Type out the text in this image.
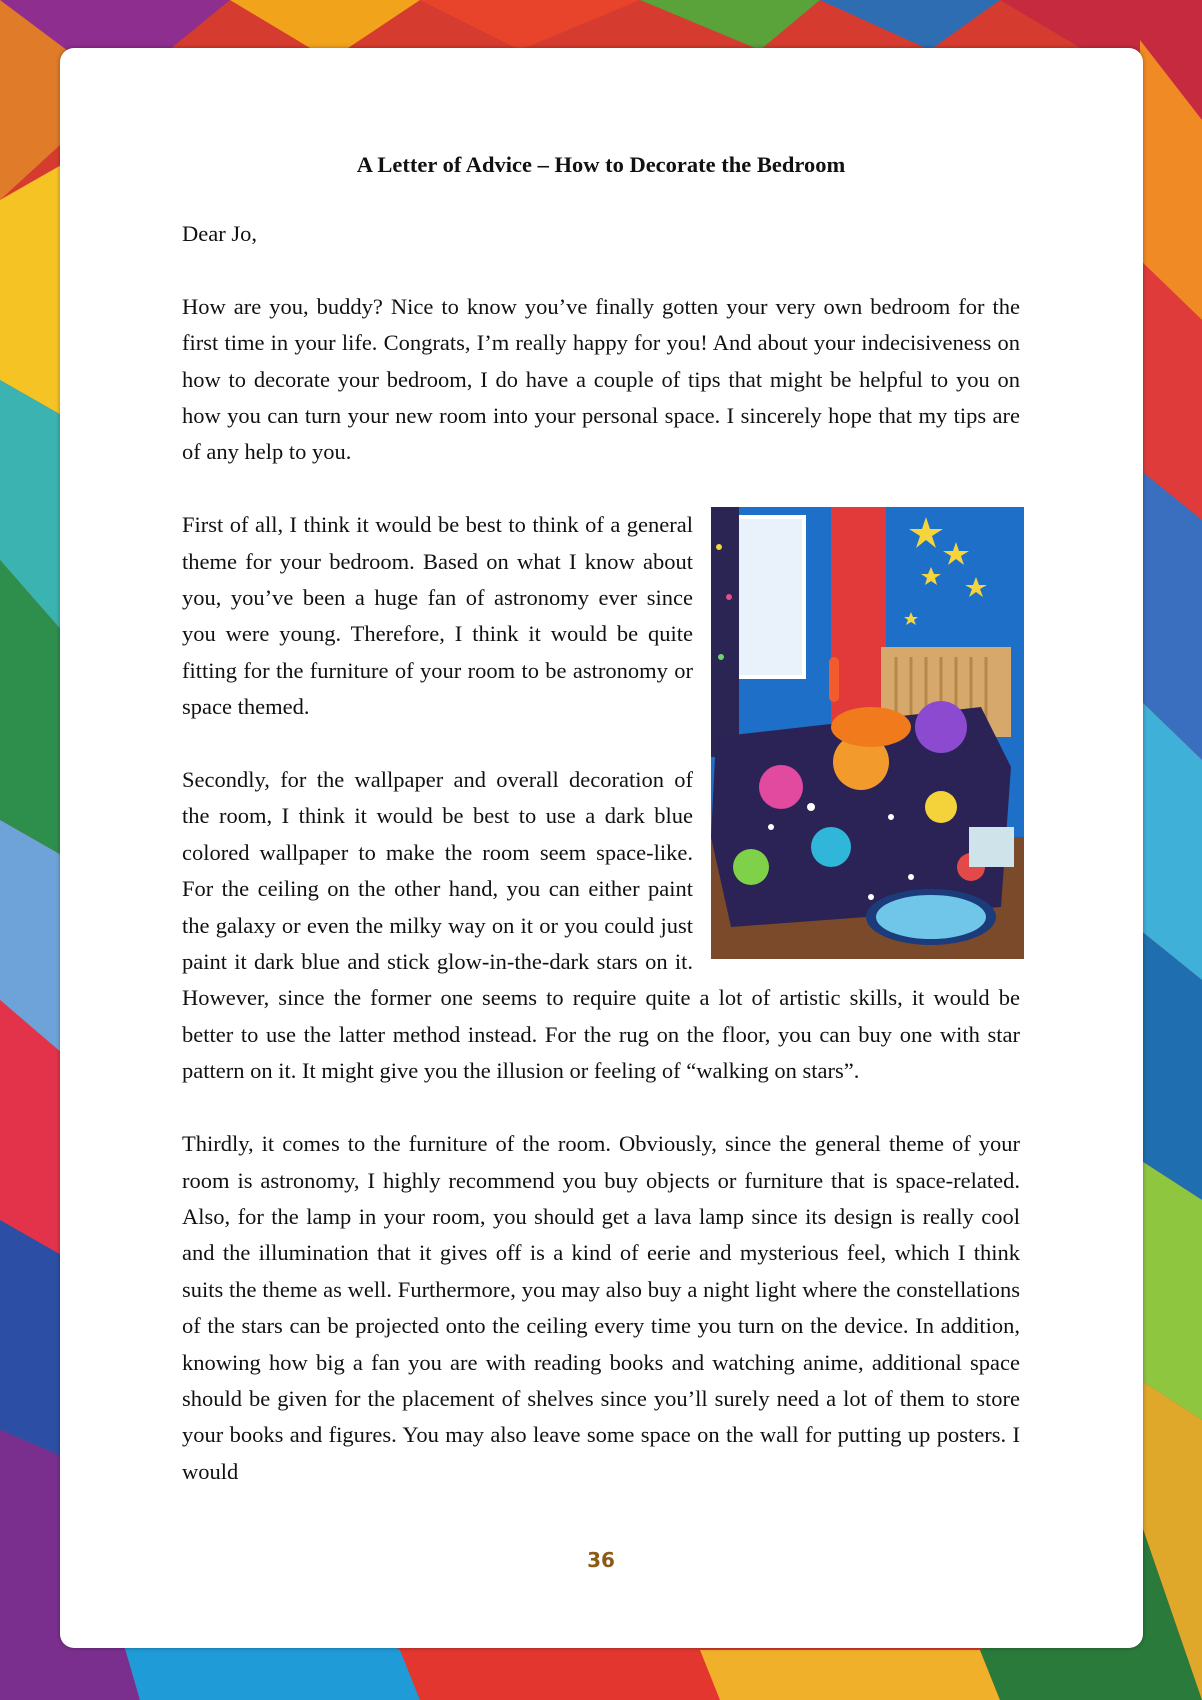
A Letter of Advice – How to Decorate the Bedroom

Dear Jo,

How are you, buddy? Nice to know you’ve finally gotten your very own bedroom for the first time in your life. Congrats, I’m really happy for you! And about your indecisiveness on how to decorate your bedroom, I do have a couple of tips that might be helpful to you on how you can turn your new room into your personal space. I sincerely hope that my tips are of any help to you.

First of all, I think it would be best to think of a general theme for your bedroom. Based on what I know about you, you’ve been a huge fan of astronomy ever since you were young. Therefore, I think it would be quite fitting for the furniture of your room to be astronomy or space themed.

Secondly, for the wallpaper and overall decoration of the room, I think it would be best to use a dark blue colored wallpaper to make the room seem space-like. For the ceiling on the other hand, you can either paint the galaxy or even the milky way on it or you could just paint it dark blue and stick glow-in-the-dark stars on it. However, since the former one seems to require quite a lot of artistic skills, it would be better to use the latter method instead. For the rug on the floor, you can buy one with star pattern on it. It might give you the illusion or feeling of “walking on stars”.

Thirdly, it comes to the furniture of the room. Obviously, since the general theme of your room is astronomy, I highly recommend you buy objects or furniture that is space-related. Also, for the lamp in your room, you should get a lava lamp since its design is really cool and the illumination that it gives off is a kind of eerie and mysterious feel, which I think suits the theme as well. Furthermore, you may also buy a night light where the constellations of the stars can be projected onto the ceiling every time you turn on the device. In addition, knowing how big a fan you are with reading books and watching anime, additional space should be given for the placement of shelves since you’ll surely need a lot of them to store your books and figures. You may also leave some space on the wall for putting up posters. I would

36
